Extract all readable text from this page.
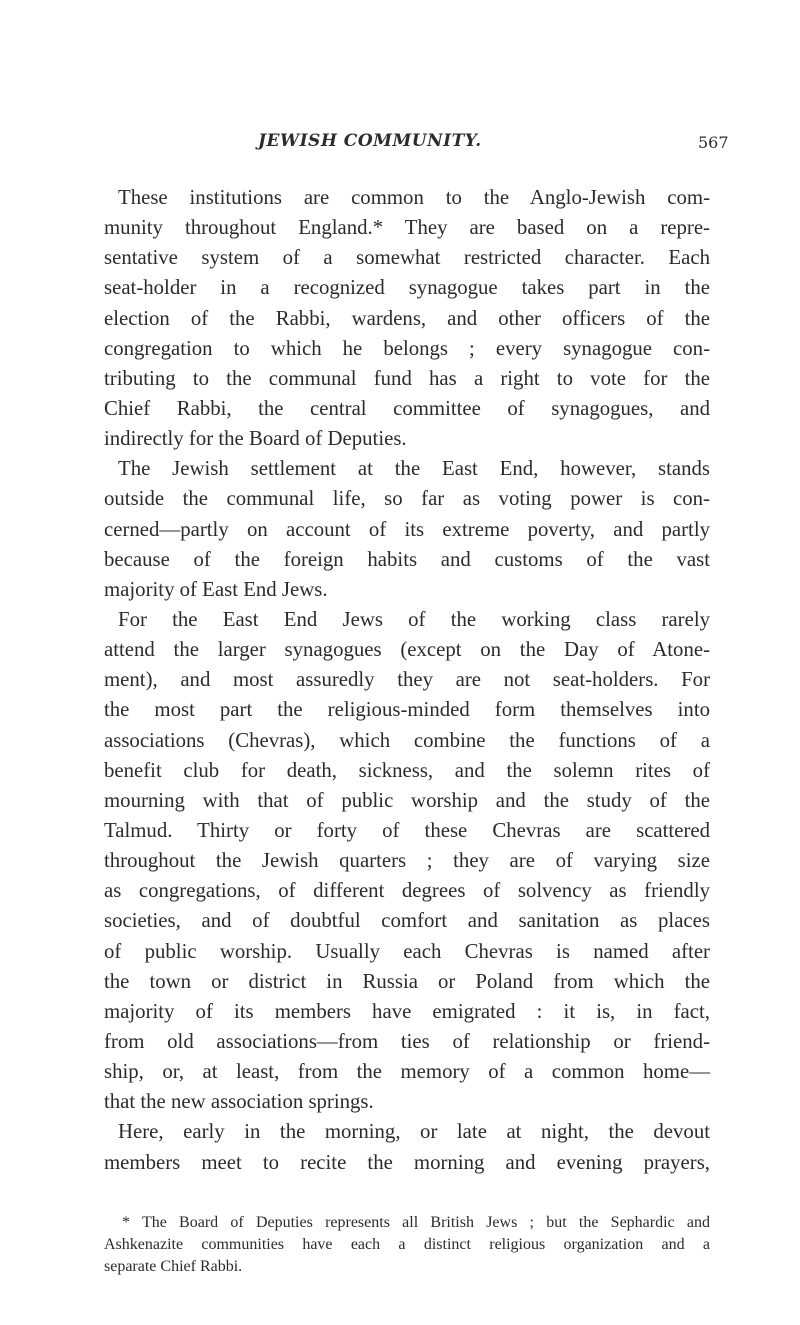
JEWISH COMMUNITY.	567
These institutions are common to the Anglo-Jewish com-
munity throughout England.* They are based on a repre-
sentative system of a somewhat restricted character. Each
seat-holder in a recognized synagogue takes part in the
election of the Rabbi, wardens, and other officers of the
congregation to which he belongs ; every synagogue con-
tributing to the communal fund has a right to vote for the
Chief Rabbi, the central committee of synagogues, and
indirectly for the Board of Deputies.
The Jewish settlement at the East End, however, stands
outside the communal life, so far as voting power is con-
cerned—partly on account of its extreme poverty, and partly
because of the foreign habits and customs of the vast
majority of East End Jews.
For the East End Jews of the working class rarely
attend the larger synagogues (except on the Day of Atone-
ment), and most assuredly they are not seat-holders. For
the most part the religious-minded form themselves into
associations (Chevras), which combine the functions of a
benefit club for death, sickness, and the solemn rites of
mourning with that of public worship and the study of the
Talmud. Thirty or forty of these Chevras are scattered
throughout the Jewish quarters ; they are of varying size
as congregations, of different degrees of solvency as friendly
societies, and of doubtful comfort and sanitation as places
of public worship. Usually each Chevras is named after
the town or district in Russia or Poland from which the
majority of its members have emigrated : it is, in fact,
from old associations—from ties of relationship or friend-
ship, or, at least, from the memory of a common home—
that the new association springs.
Here, early in the morning, or late at night, the devout
members meet to recite the morning and evening prayers,
* The Board of Deputies represents all British Jews ; but the Sephardic and
Ashkenazite communities have each a distinct religious organization and a
separate Chief Rabbi.
